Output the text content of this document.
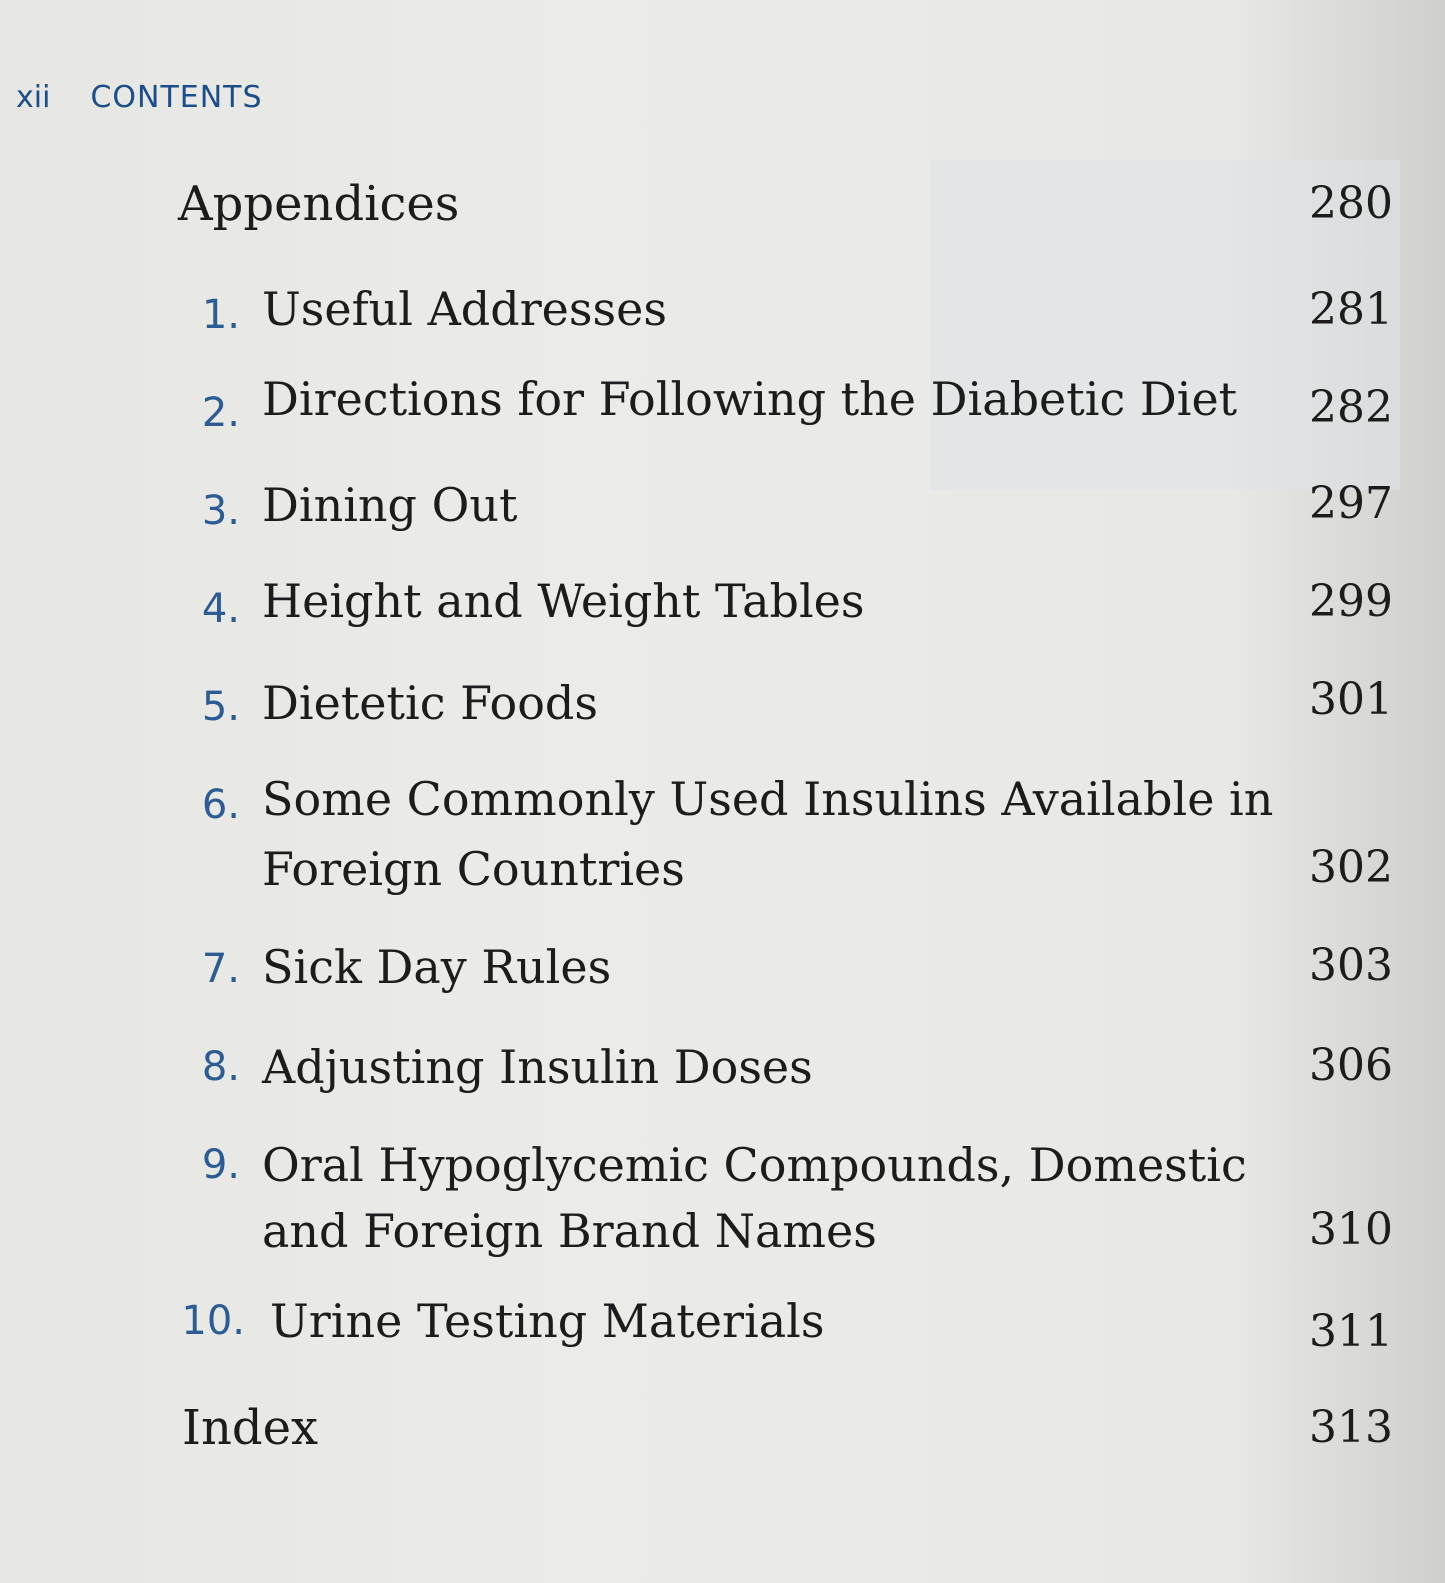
xii CONTENTS
Appendices	280
1. Useful Addresses	281
2. Directions for Following the Diabetic Diet	282
3. Dining Out	297
4. Height and Weight Tables	299
5. Dietetic Foods	301
6. Some Commonly Used Insulins Available in
Foreign Countries	302
7. Sick Day Rules	303
8. Adjusting Insulin Doses	306
9. Oral Hypoglycemic Compounds, Domestic
and Foreign Brand Names	310
10. Urine Testing Materials	311
Index	313
